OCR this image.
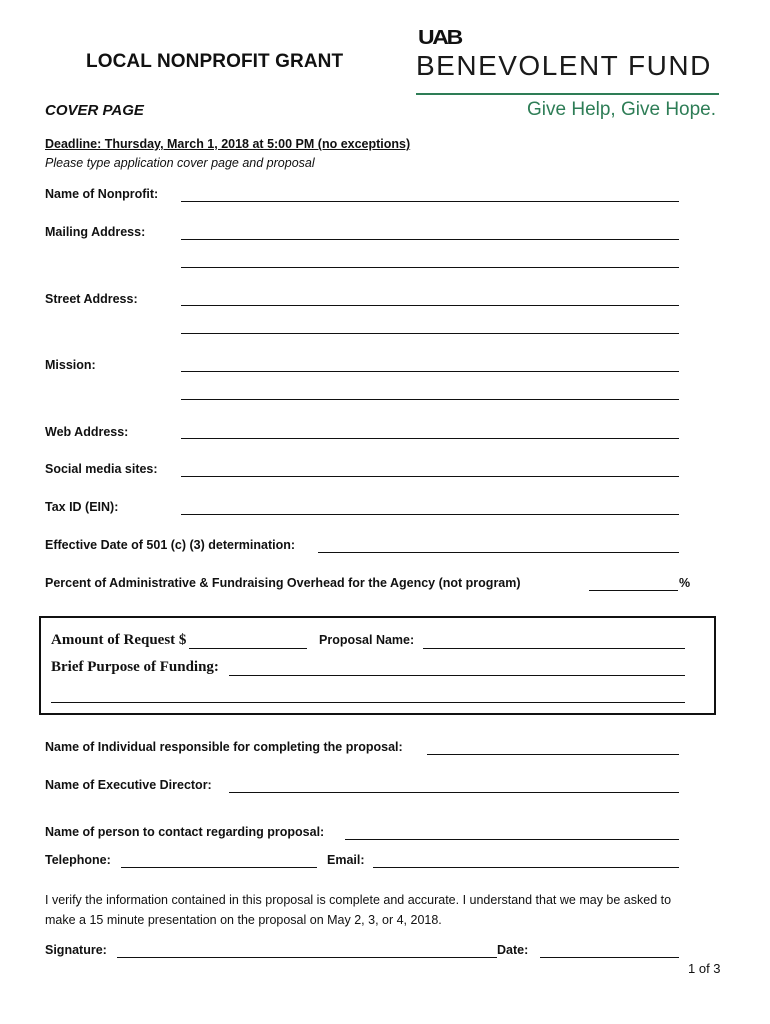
LOCAL NONPROFIT GRANT
UAB
BENEVOLENT FUND
Give Help, Give Hope.
COVER PAGE
Deadline: Thursday, March 1, 2018 at 5:00 PM (no exceptions)
Please type application cover page and proposal
Name of Nonprofit:
Mailing Address:
Street Address:
Mission:
Web Address:
Social media sites:
Tax ID (EIN):
Effective Date of 501 (c) (3) determination:
Percent of Administrative & Fundraising Overhead for the Agency (not program)	%
Amount of Request $	Proposal Name:
Brief Purpose of Funding:
Name of Individual responsible for completing the proposal:
Name of Executive Director:
Name of person to contact regarding proposal:
Telephone:	Email:
I verify the information contained in this proposal is complete and accurate. I understand that we may be asked to make a 15 minute presentation on the proposal on May 2, 3, or 4, 2018.
Signature:	Date:
1 of 3
